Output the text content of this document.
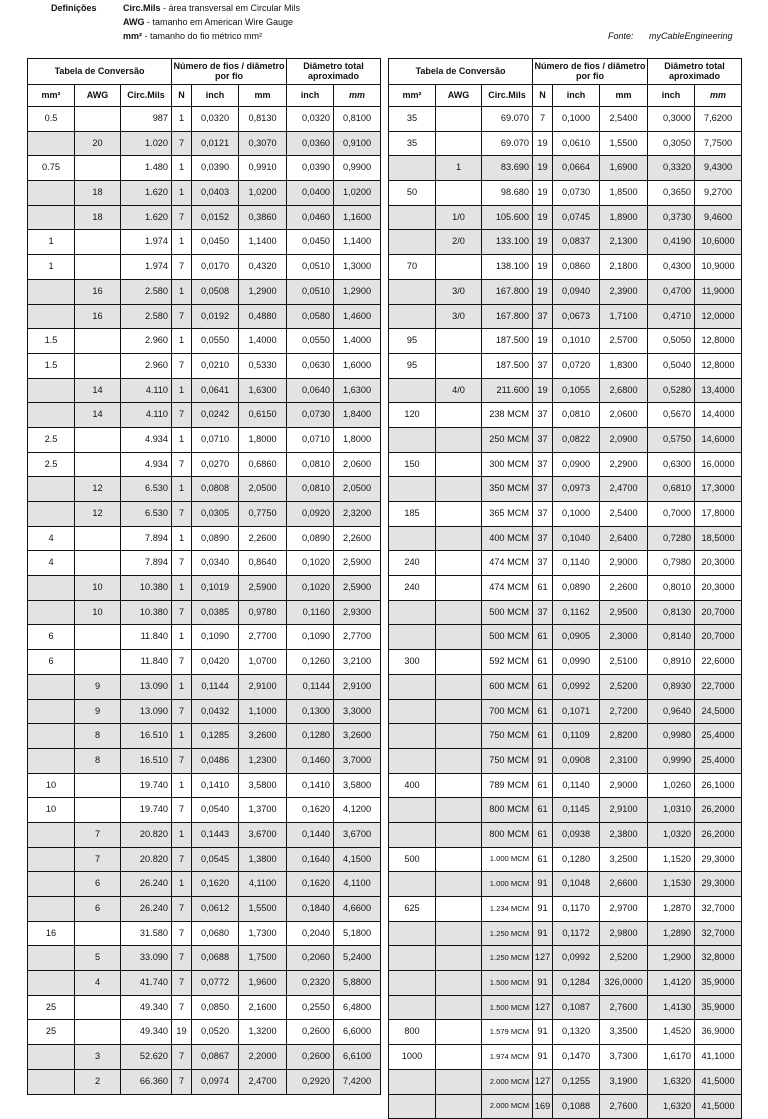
Definições	Circ.Mils - área transversal em Circular Mils
AWG - tamanho em American Wire Gauge
mm² - tamanho do fio métrico mm²	Fonte: myCableEngineering
Tabela de Conversão			Número de fios / diâmetro por fio			Diâmetro total aproximado	
mm²	AWG	Circ.Mils	N	inch	mm	inch	mm
0.5		987	1	0,0320	0,8130	0,0320	0,8100
	20	1.020	7	0,0121	0,3070	0,0360	0,9100
0.75		1.480	1	0,0390	0,9910	0,0390	0,9900
	18	1.620	1	0,0403	1,0200	0,0400	1,0200
	18	1.620	7	0,0152	0,3860	0,0460	1,1600
1		1.974	1	0,0450	1,1400	0,0450	1,1400
1		1.974	7	0,0170	0,4320	0,0510	1,3000
	16	2.580	1	0,0508	1,2900	0,0510	1,2900
	16	2.580	7	0,0192	0,4880	0,0580	1,4600
1.5		2.960	1	0,0550	1,4000	0,0550	1,4000
1.5		2.960	7	0,0210	0,5330	0,0630	1,6000
	14	4.110	1	0,0641	1,6300	0,0640	1,6300
	14	4.110	7	0,0242	0,6150	0,0730	1,8400
2.5		4.934	1	0,0710	1,8000	0,0710	1,8000
2.5		4.934	7	0,0270	0,6860	0,0810	2,0600
	12	6.530	1	0,0808	2,0500	0,0810	2,0500
	12	6.530	7	0,0305	0,7750	0,0920	2,3200
4		7.894	1	0,0890	2,2600	0,0890	2,2600
4		7.894	7	0,0340	0,8640	0,1020	2,5900
	10	10.380	1	0,1019	2,5900	0,1020	2,5900
	10	10.380	7	0,0385	0,9780	0,1160	2,9300
6		11.840	1	0,1090	2,7700	0,1090	2,7700
6		11.840	7	0,0420	1,0700	0,1260	3,2100
	9	13.090	1	0,1144	2,9100	0,1144	2,9100
	9	13.090	7	0,0432	1,1000	0,1300	3,3000
	8	16.510	1	0,1285	3,2600	0,1280	3,2600
	8	16.510	7	0,0486	1,2300	0,1460	3,7000
10		19.740	1	0,1410	3,5800	0,1410	3,5800
10		19.740	7	0,0540	1,3700	0,1620	4,1200
	7	20.820	1	0,1443	3,6700	0,1440	3,6700
	7	20.820	7	0,0545	1,3800	0,1640	4,1500
	6	26.240	1	0,1620	4,1100	0,1620	4,1100
	6	26.240	7	0,0612	1,5500	0,1840	4,6600
16		31.580	7	0,0680	1,7300	0,2040	5,1800
	5	33.090	7	0,0688	1,7500	0,2060	5,2400
	4	41.740	7	0,0772	1,9600	0,2320	5,8800
25		49.340	7	0,0850	2,1600	0,2550	6,4800
25		49.340	19	0,0520	1,3200	0,2600	6,6000
	3	52.620	7	0,0867	2,2000	0,2600	6,6100
	2	66.360	7	0,0974	2,4700	0,2920	7,4200
Tabela de Conversão			Número de fios / diâmetro por fio			Diâmetro total aproximado	
mm²	AWG	Circ.Mils	N	inch	mm	inch	mm
35		69.070	7	0,1000	2,5400	0,3000	7,6200
35		69.070	19	0,0610	1,5500	0,3050	7,7500
	1	83.690	19	0,0664	1,6900	0,3320	9,4300
50		98.680	19	0,0730	1,8500	0,3650	9,2700
	1/0	105.600	19	0,0745	1,8900	0,3730	9,4600
	2/0	133.100	19	0,0837	2,1300	0,4190	10,6000
70		138.100	19	0,0860	2,1800	0,4300	10,9000
	3/0	167.800	19	0,0940	2,3900	0,4700	11,9000
	3/0	167.800	37	0,0673	1,7100	0,4710	12,0000
95		187.500	19	0,1010	2,5700	0,5050	12,8000
95		187.500	37	0,0720	1,8300	0,5040	12,8000
	4/0	211.600	19	0,1055	2,6800	0,5280	13,4000
120		238 MCM	37	0,0810	2,0600	0,5670	14,4000
		250 MCM	37	0,0822	2,0900	0,5750	14,6000
150		300 MCM	37	0,0900	2,2900	0,6300	16,0000
		350 MCM	37	0,0973	2,4700	0,6810	17,3000
185		365 MCM	37	0,1000	2,5400	0,7000	17,8000
		400 MCM	37	0,1040	2,6400	0,7280	18,5000
240		474 MCM	37	0,1140	2,9000	0,7980	20,3000
240		474 MCM	61	0,0890	2,2600	0,8010	20,3000
		500 MCM	37	0,1162	2,9500	0,8130	20,7000
		500 MCM	61	0,0905	2,3000	0,8140	20,7000
300		592 MCM	61	0,0990	2,5100	0,8910	22,6000
		600 MCM	61	0,0992	2,5200	0,8930	22,7000
		700 MCM	61	0,1071	2,7200	0,9640	24,5000
		750 MCM	61	0,1109	2,8200	0,9980	25,4000
		750 MCM	91	0,0908	2,3100	0,9990	25,4000
400		789 MCM	61	0,1140	2,9000	1,0260	26,1000
		800 MCM	61	0,1145	2,9100	1,0310	26,2000
		800 MCM	61	0,0938	2,3800	1,0320	26,2000
500		1.000 MCM	61	0,1280	3,2500	1,1520	29,3000
		1.000 MCM	91	0,1048	2,6600	1,1530	29,3000
625		1.234 MCM	91	0,1170	2,9700	1,2870	32,7000
		1.250 MCM	91	0,1172	2,9800	1,2890	32,7000
		1.250 MCM	127	0,0992	2,5200	1,2900	32,8000
		1.500 MCM	91	0,1284	326,0000	1,4120	35,9000
		1.500 MCM	127	0,1087	2,7600	1,4130	35,9000
800		1.579 MCM	91	0,1320	3,3500	1,4520	36,9000
1000		1.974 MCM	91	0,1470	3,7300	1,6170	41,1000
		2.000 MCM	127	0,1255	3,1900	1,6320	41,5000
		2.000 MCM	169	0,1088	2,7600	1,6320	41,5000
